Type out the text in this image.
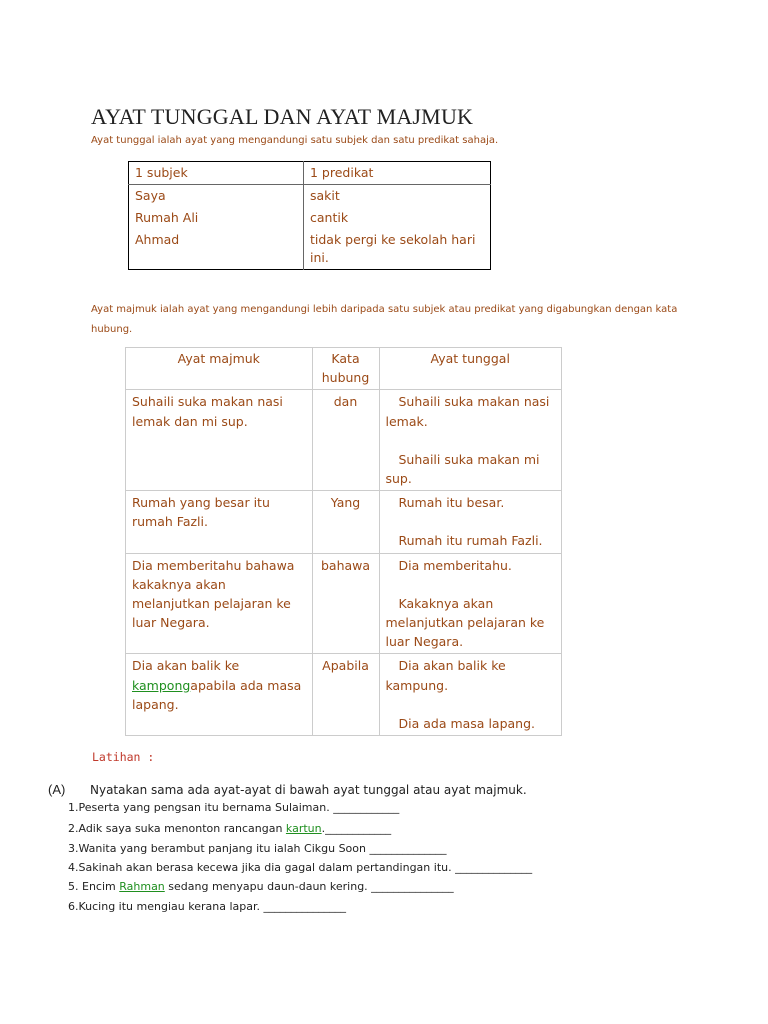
AYAT TUNGGAL DAN AYAT MAJMUK
Ayat tunggal ialah ayat yang mengandungi satu subjek dan satu predikat sahaja.
1 subjek	1 predikat
Saya	sakit
Rumah Ali	cantik
Ahmad	tidak pergi ke sekolah hari ini.
Ayat majmuk ialah ayat yang mengandungi lebih daripada satu subjek atau predikat yang digabungkan dengan kata hubung.
Ayat majmuk	Kata hubung	Ayat tunggal
Suhaili suka makan nasi lemak dan mi sup.	dan	Suhaili suka makan nasi lemak.
Suhaili suka makan mi sup.

Rumah yang besar itu rumah Fazli.	Yang	Rumah itu besar.
Rumah itu rumah Fazli.

Dia memberitahu bahawa kakaknya akan melanjutkan pelajaran ke luar Negara.	bahawa	Dia memberitahu.
Kakaknya akan melanjutkan pelajaran ke luar Negara.

Dia akan balik ke kampongapabila ada masa lapang.	Apabila	Dia akan balik ke kampung.
Dia ada masa lapang.
Latihan :
(A) Nyatakan sama ada ayat-ayat di bawah ayat tunggal atau ayat majmuk.
1.Peserta yang pengsan itu bernama Sulaiman. ____________
2.Adik saya suka menonton rancangan kartun.____________
3.Wanita yang berambut panjang itu ialah Cikgu Soon ______________
4.Sakinah akan berasa kecewa jika dia gagal dalam pertandingan itu. ______________
5. Encim Rahman sedang menyapu daun-daun kering. _______________
6.Kucing itu mengiau kerana lapar. _______________
